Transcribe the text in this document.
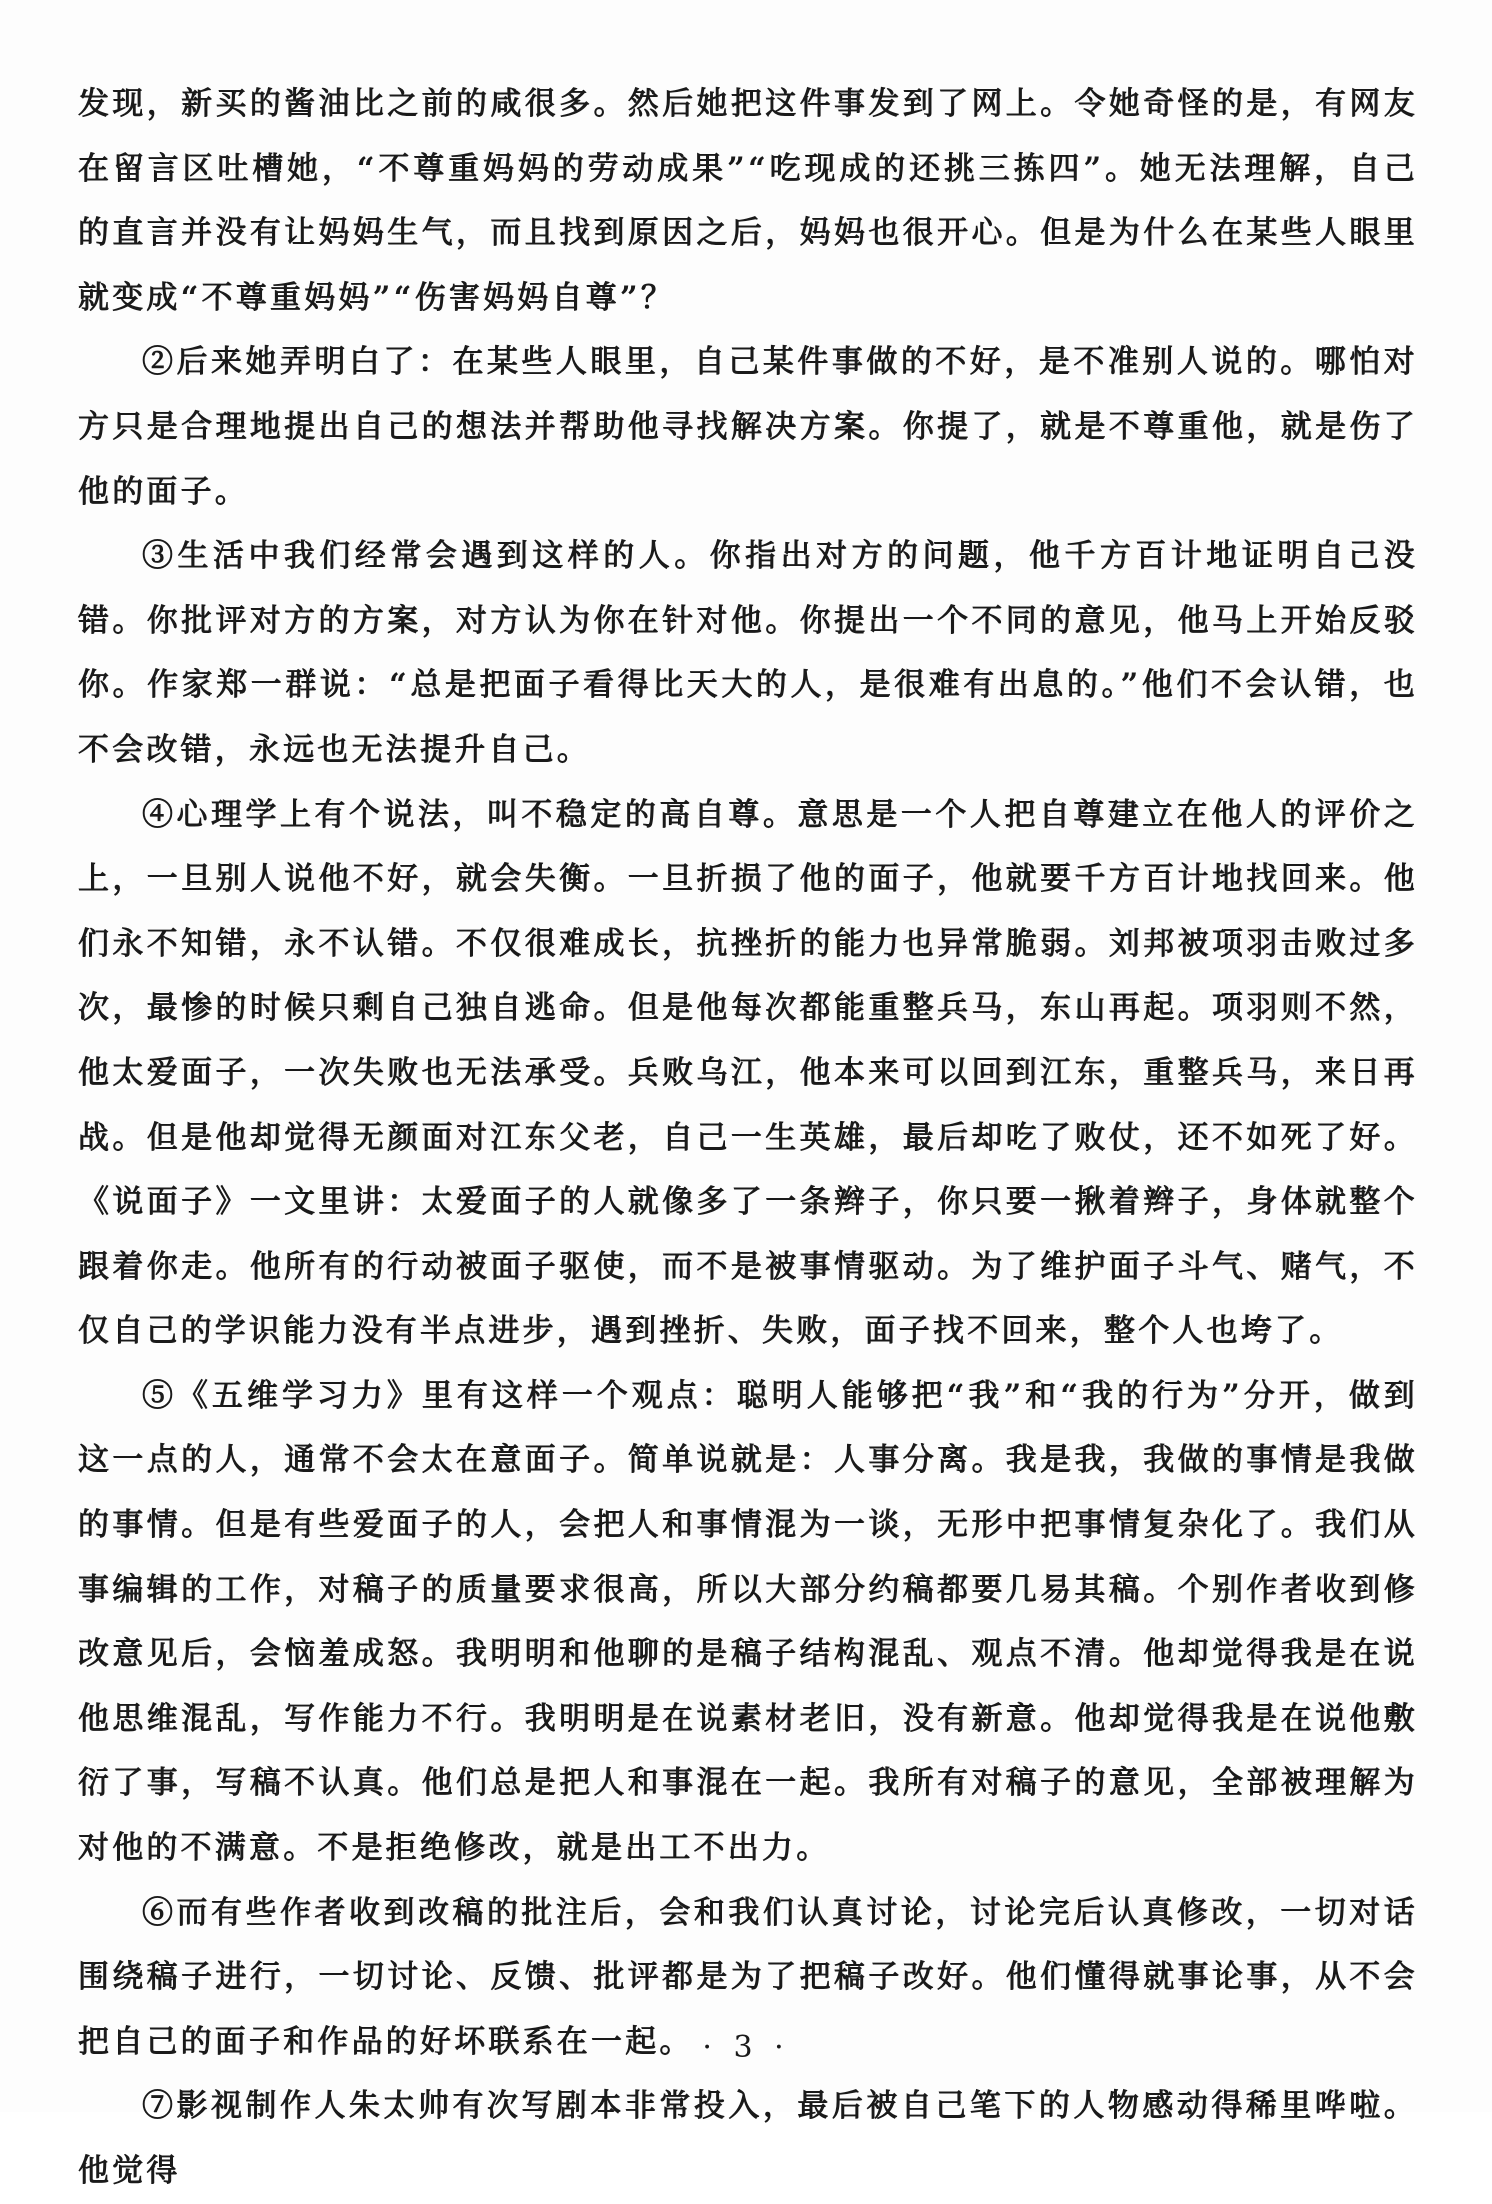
发现，新买的酱油比之前的咸很多。然后她把这件事发到了网上。令她奇怪的是，有网友在留言区吐槽她，“不尊重妈妈的劳动成果”“吃现成的还挑三拣四”。她无法理解，自己的直言并没有让妈妈生气，而且找到原因之后，妈妈也很开心。但是为什么在某些人眼里就变成“不尊重妈妈”“伤害妈妈自尊”？

②后来她弄明白了：在某些人眼里，自己某件事做的不好，是不准别人说的。哪怕对方只是合理地提出自己的想法并帮助他寻找解决方案。你提了，就是不尊重他，就是伤了他的面子。

③生活中我们经常会遇到这样的人。你指出对方的问题，他千方百计地证明自己没错。你批评对方的方案，对方认为你在针对他。你提出一个不同的意见，他马上开始反驳你。作家郑一群说：“总是把面子看得比天大的人，是很难有出息的。”他们不会认错，也不会改错，永远也无法提升自己。

④心理学上有个说法，叫不稳定的高自尊。意思是一个人把自尊建立在他人的评价之上，一旦别人说他不好，就会失衡。一旦折损了他的面子，他就要千方百计地找回来。他们永不知错，永不认错。不仅很难成长，抗挫折的能力也异常脆弱。刘邦被项羽击败过多次，最惨的时候只剩自己独自逃命。但是他每次都能重整兵马，东山再起。项羽则不然，他太爱面子，一次失败也无法承受。兵败乌江，他本来可以回到江东，重整兵马，来日再战。但是他却觉得无颜面对江东父老，自己一生英雄，最后却吃了败仗，还不如死了好。《说面子》一文里讲：太爱面子的人就像多了一条辫子，你只要一揪着辫子，身体就整个跟着你走。他所有的行动被面子驱使，而不是被事情驱动。为了维护面子斗气、赌气，不仅自己的学识能力没有半点进步，遇到挫折、失败，面子找不回来，整个人也垮了。

⑤《五维学习力》里有这样一个观点：聪明人能够把“我”和“我的行为”分开，做到这一点的人，通常不会太在意面子。简单说就是：人事分离。我是我，我做的事情是我做的事情。但是有些爱面子的人，会把人和事情混为一谈，无形中把事情复杂化了。我们从事编辑的工作，对稿子的质量要求很高，所以大部分约稿都要几易其稿。个别作者收到修改意见后，会恼羞成怒。我明明和他聊的是稿子结构混乱、观点不清。他却觉得我是在说他思维混乱，写作能力不行。我明明是在说素材老旧，没有新意。他却觉得我是在说他敷衍了事，写稿不认真。他们总是把人和事混在一起。我所有对稿子的意见，全部被理解为对他的不满意。不是拒绝修改，就是出工不出力。

⑥而有些作者收到改稿的批注后，会和我们认真讨论，讨论完后认真修改，一切对话围绕稿子进行，一切讨论、反馈、批评都是为了把稿子改好。他们懂得就事论事，从不会把自己的面子和作品的好坏联系在一起。

⑦影视制作人朱太帅有次写剧本非常投入，最后被自己笔下的人物感动得稀里哗啦。他觉得

· 3 ·
